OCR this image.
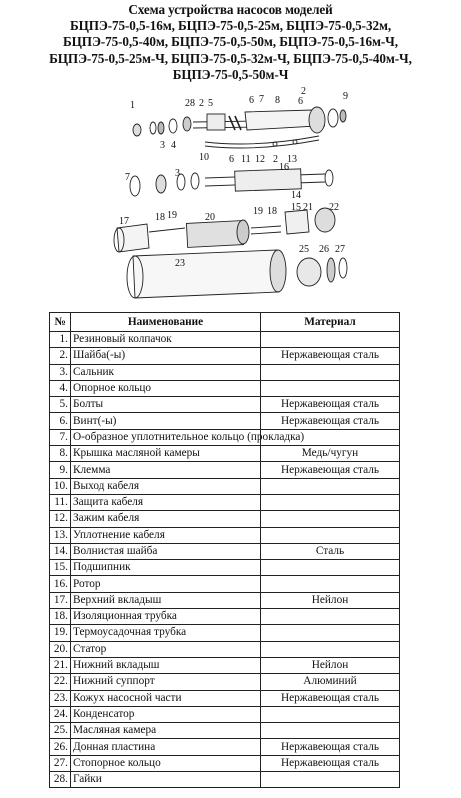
Схема устройства насосов моделей
БЦПЭ-75-0,5-16м, БЦПЭ-75-0,5-25м, БЦПЭ-75-0,5-32м,
БЦПЭ-75-0,5-40м, БЦПЭ-75-0,5-50м, БЦПЭ-75-0,5-16м-Ч,
БЦПЭ-75-0,5-25м-Ч, БЦПЭ-75-0,5-32м-Ч, БЦПЭ-75-0,5-40м-Ч,
БЦПЭ-75-0,5-50м-Ч
1	28 2 5	6 7 8
2
6	9
4
3
10 6 11 12 2 13
7	3
16
14
17	18 19	20
19 18 15 21 22
23
25 26 27
№	Наименование	Материал
1.	Резиновый колпачок	
2.	Шайба(-ы)	Нержавеющая сталь
3.	Сальник	
4.	Опорное кольцо	
5.	Болты	Нержавеющая сталь
6.	Винт(-ы)	Нержавеющая сталь
7.	О-образное уплотнительное кольцо (прокладка)	
8.	Крышка масляной камеры	Медь/чугун
9.	Клемма	Нержавеющая сталь
10.	Выход кабеля	
11.	Защита кабеля	
12.	Зажим кабеля	
13.	Уплотнение кабеля	
14.	Волнистая шайба	Сталь
15.	Подшипник	
16.	Ротор	
17.	Верхний вкладыш	Нейлон
18.	Изоляционная трубка	
19.	Термоусадочная трубка	
20.	Статор	
21.	Нижний вкладыш	Нейлон
22.	Нижний суппорт	Алюминий
23.	Кожух насосной части	Нержавеющая сталь
24.	Конденсатор	
25.	Масляная камера	
26.	Донная пластина	Нержавеющая сталь
27.	Стопорное кольцо	Нержавеющая сталь
28.	Гайки	
